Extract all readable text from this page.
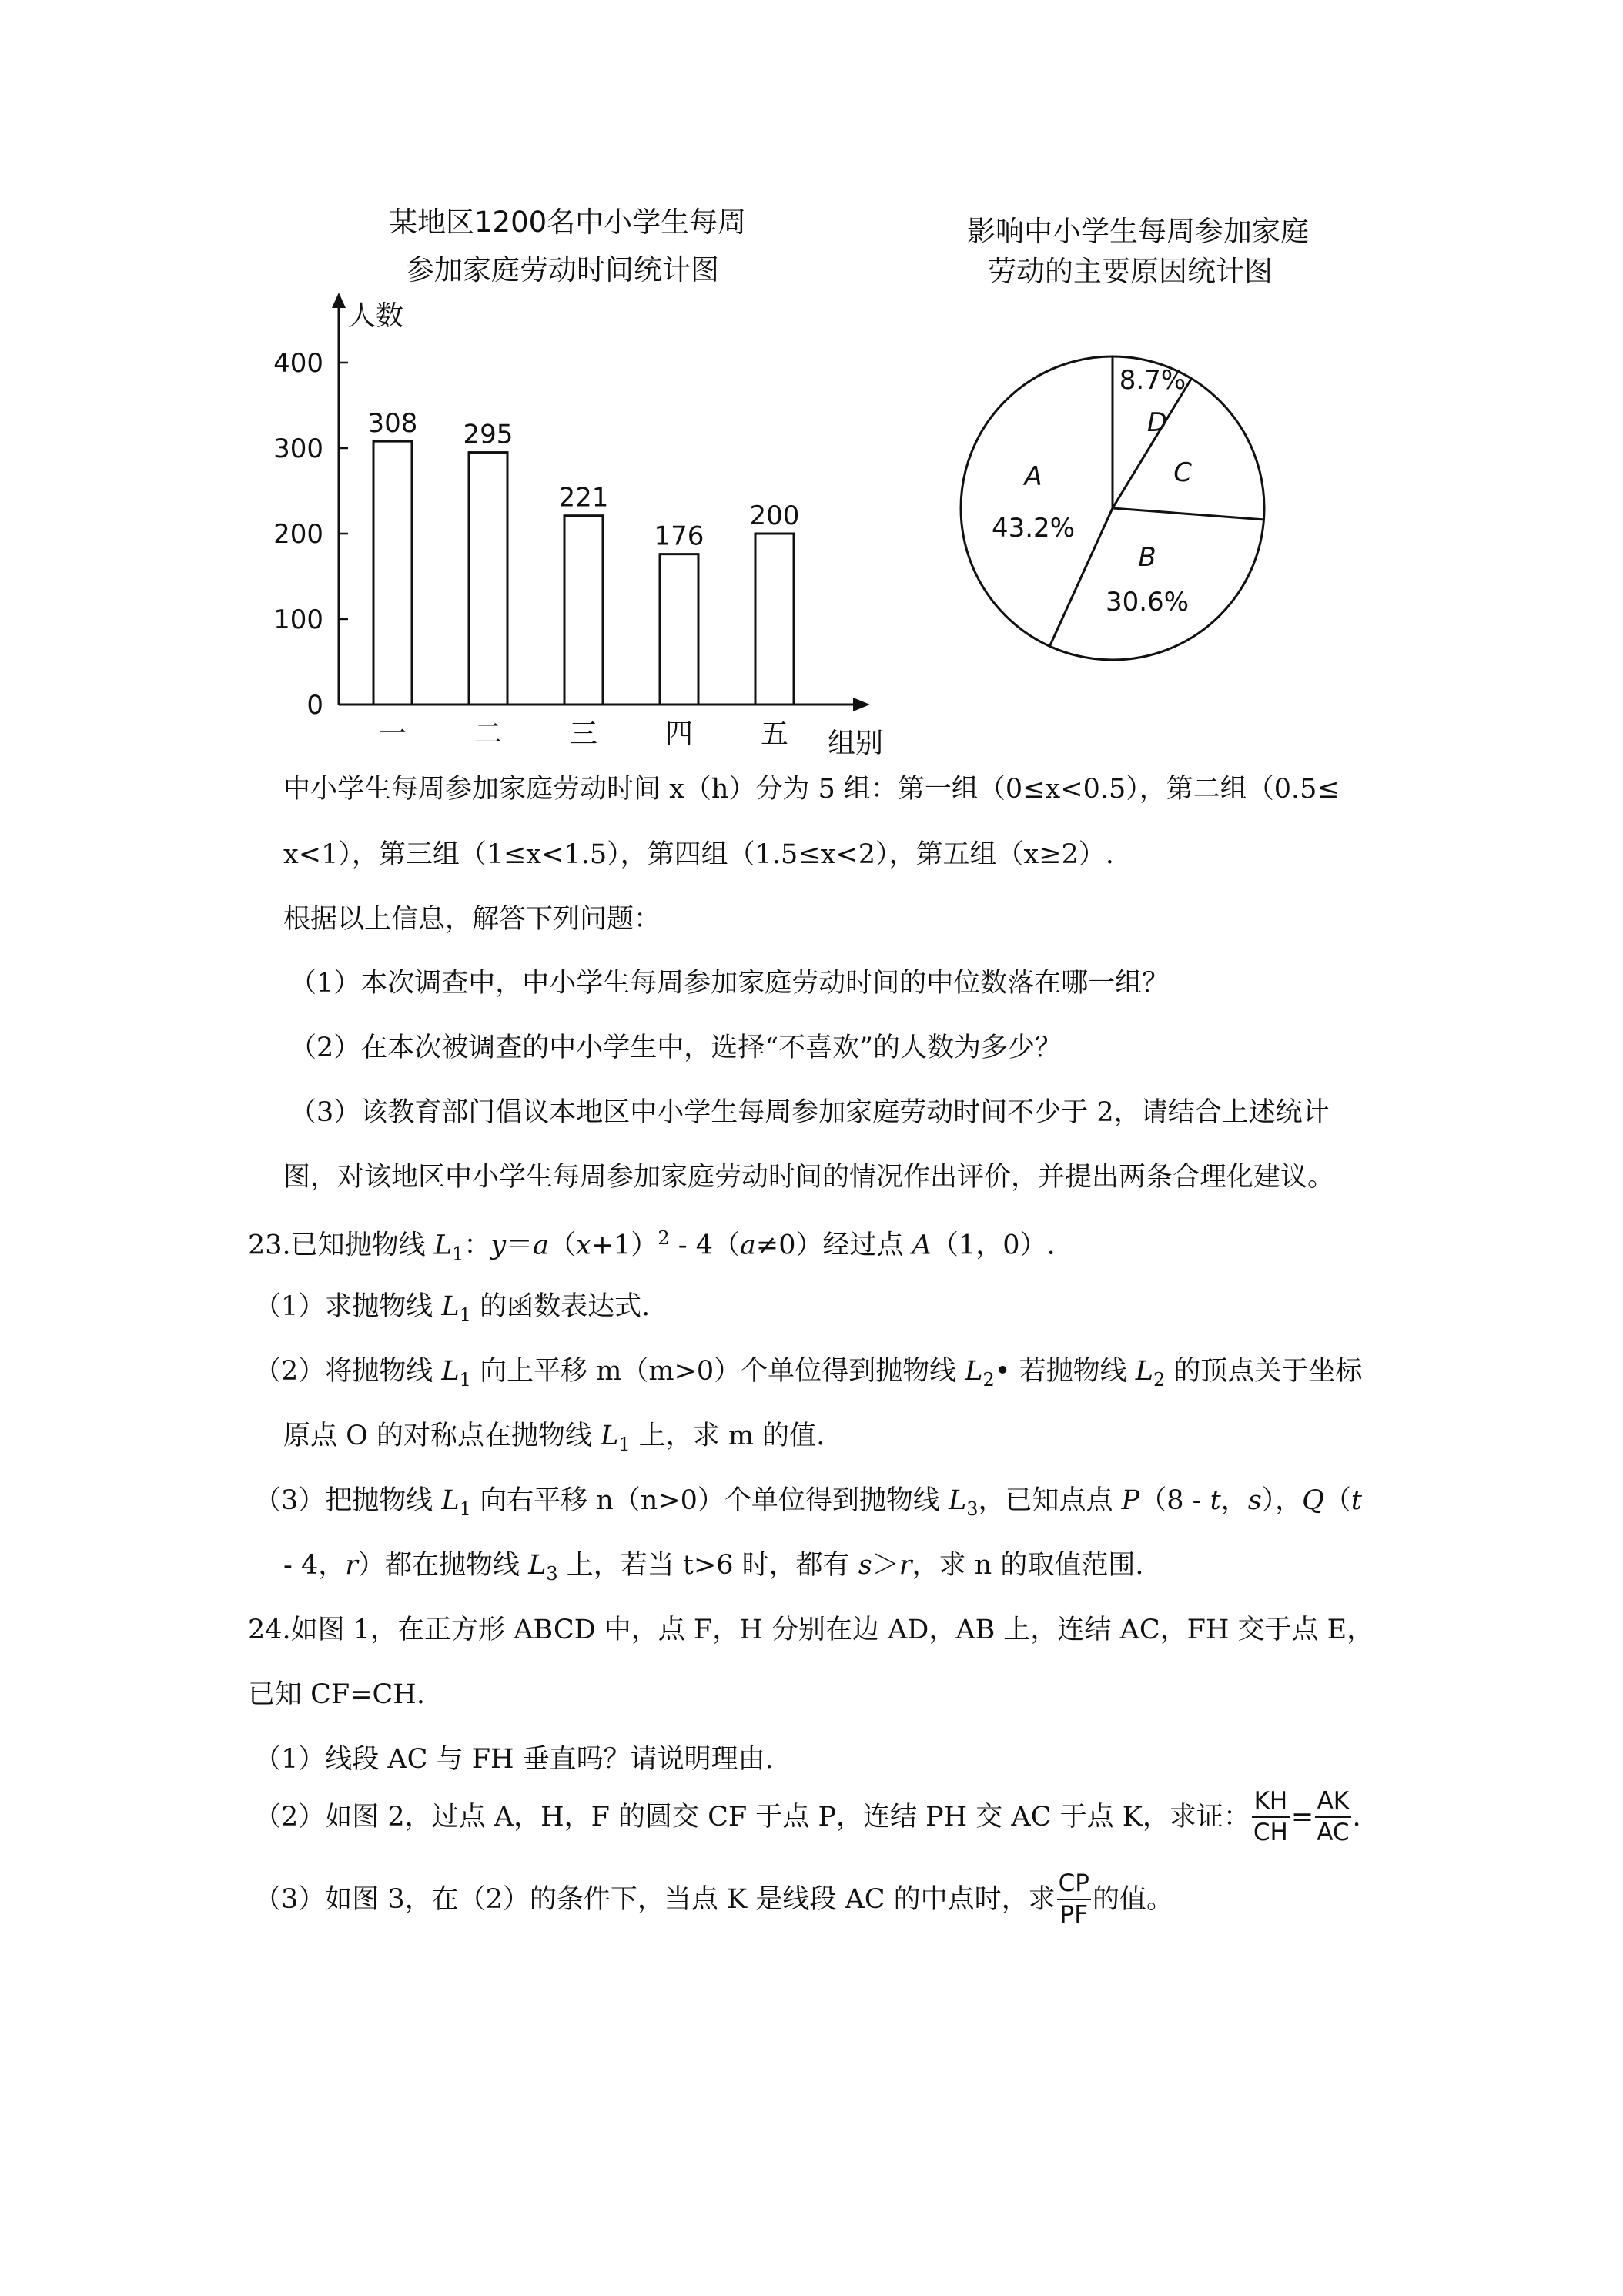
某地区1200名中小学生每周
参加家庭劳动时间统计图
人数
组别
0
100
200
300
400
308
一
295
二
221
三
176
四
200
五
影响中小学生每周参加家庭
劳动的主要原因统计图
D
8.7%
C
B
30.6%
A
43.2%
中小学生每周参加家庭劳动时间 x（h）分为 5 组：第一组（0≤x<0.5），第二组（0.5≤
x<1），第三组（1≤x<1.5），第四组（1.5≤x<2），第五组（x≥2）.
根据以上信息，解答下列问题：
（1）本次调查中，中小学生每周参加家庭劳动时间的中位数落在哪一组？
（2）在本次被调查的中小学生中，选择“不喜欢”的人数为多少？
（3）该教育部门倡议本地区中小学生每周参加家庭劳动时间不少于 2，请结合上述统计
图，对该地区中小学生每周参加家庭劳动时间的情况作出评价，并提出两条合理化建议。
23.已知抛物线 $L_1$：$y=a(x+1)^2$ ‑ 4（a≠0）经过点 A（1，0）.
（1）求抛物线 $L_1$ 的函数表达式.
（2）将抛物线 $L_1$ 向上平移 m（m>0）个单位得到抛物线 $L_2•$ 若抛物线 $L_2$ 的顶点关于坐标
原点 O 的对称点在抛物线 $L_1$ 上，求 m 的值.
（3）把抛物线 $L_1$ 向右平移 n（n>0）个单位得到抛物线 $L_3$，已知点点 P（8 ‑ t，s），Q（t
‑ 4，r）都在抛物线 $L_3$ 上，若当 t>6 时，都有 s＞r，求 n 的取值范围.
24.如图 1，在正方形 ABCD 中，点 F，H 分别在边 AD，AB 上，连结 AC，FH 交于点 E，
已知 CF=CH.
（1）线段 AC 与 FH 垂直吗？请说明理由.
（2）如图 2，过点 A，H，F 的圆交 CF 于点 P，连结 PH 交 AC 于点 K，求证： $\frac{KH}{CH} = \frac{AK}{AC}$ .
（3）如图 3，在（2）的条件下，当点 K 是线段 AC 的中点时，求 $\frac{CP}{PF}$ 的值。
